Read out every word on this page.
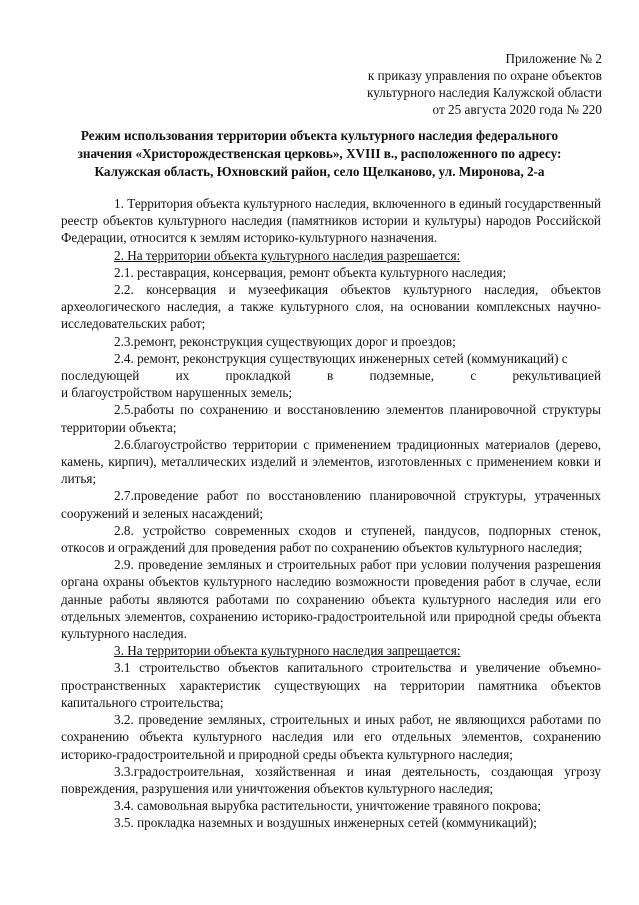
Приложение № 2
к приказу управления по охране объектов
культурного наследия Калужской области
от 25 августа 2020 года № 220
Режим использования территории объекта культурного наследия федерального
значения «Христорождественская церковь», XVIII в., расположенного по адресу:
Калужская область, Юхновский район, село Щелканово, ул. Миронова, 2-а
1. Территория объекта культурного наследия, включенного в единый государственный реестр объектов культурного наследия (памятников истории и культуры) народов Российской Федерации, относится к землям историко-культурного назначения.
2. На территории объекта культурного наследия разрешается:
2.1. реставрация, консервация, ремонт объекта культурного наследия;
2.2. консервация и музеефикация объектов культурного наследия, объектов археологического наследия, а также культурного слоя, на основании комплексных научно-исследовательских работ;
2.3.ремонт, реконструкция существующих дорог и проездов;
2.4. ремонт, реконструкция существующих инженерных сетей (коммуникаций) с
последующей их прокладкой в подземные, с рекультивацией
и благоустройством нарушенных земель;
2.5.работы по сохранению и восстановлению элементов планировочной структуры территории объекта;
2.6.благоустройство территории с применением традиционных материалов (дерево, камень, кирпич), металлических изделий и элементов, изготовленных с применением ковки и литья;
2.7.проведение работ по восстановлению планировочной структуры, утраченных сооружений и зеленых насаждений;
2.8. устройство современных сходов и ступеней, пандусов, подпорных стенок, откосов и ограждений для проведения работ по сохранению объектов культурного наследия;
2.9. проведение земляных и строительных работ при условии получения разрешения органа охраны объектов культурного наследию возможности проведения работ в случае, если данные работы являются работами по сохранению объекта культурного наследия или его отдельных элементов, сохранению историко-градостроительной или природной среды объекта культурного наследия.
3. На территории объекта культурного наследия запрещается:
3.1 строительство объектов капитального строительства и увеличение объемно-пространственных характеристик существующих на территории памятника объектов капитального строительства;
3.2. проведение земляных, строительных и иных работ, не являющихся работами по сохранению объекта культурного наследия или его отдельных элементов, сохранению историко-градостроительной и природной среды объекта культурного наследия;
3.3.градостроительная, хозяйственная и иная деятельность, создающая угрозу повреждения, разрушения или уничтожения объектов культурного наследия;
3.4. самовольная вырубка растительности, уничтожение травяного покрова;
3.5. прокладка наземных и воздушных инженерных сетей (коммуникаций);
